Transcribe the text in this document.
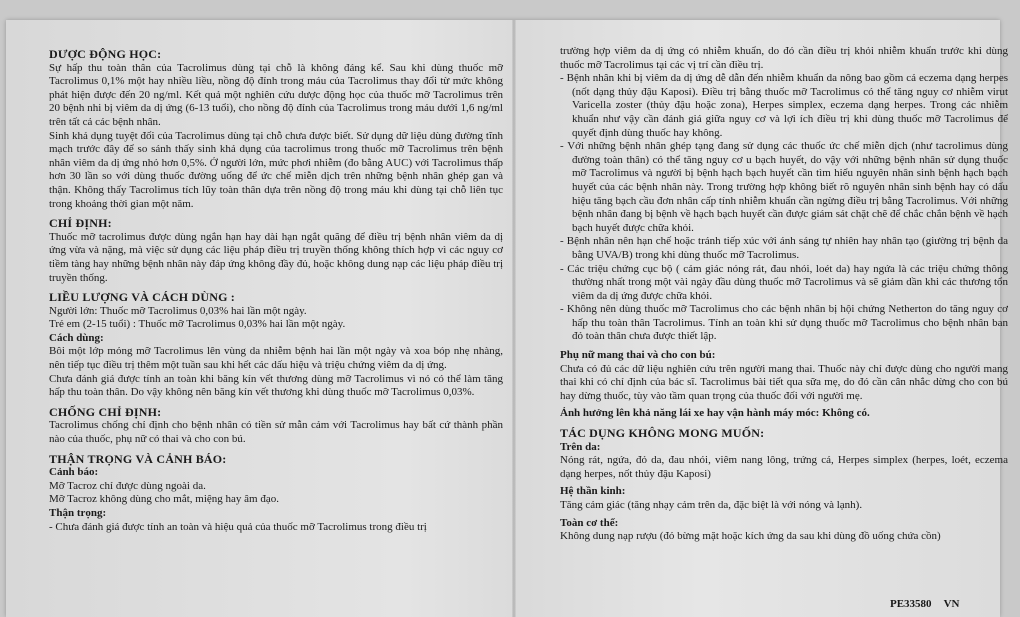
DƯỢC ĐỘNG HỌC:

Sự hấp thu toàn thân của Tacrolimus dùng tại chỗ là không đáng kể. Sau khi dùng thuốc mỡ Tacrolimus 0,1% một hay nhiều liều, nồng độ đỉnh trong máu của Tacrolimus thay đổi từ mức không phát hiện được đến 20 ng/ml. Kết quả một nghiên cứu dược động học của thuốc mỡ Tacrolimus trên 20 bệnh nhi bị viêm da dị ứng (6-13 tuổi), cho nồng độ đỉnh của Tacrolimus trong máu dưới 1,6 ng/ml trên tất cả các bệnh nhân.

Sinh khả dụng tuyệt đối của Tacrolimus dùng tại chỗ chưa được biết. Sử dụng dữ liệu dùng đường tĩnh mạch trước đây để so sánh thấy sinh khả dụng của tacrolimus trong thuốc mỡ Tacrolimus trên bệnh nhân viêm da dị ứng nhỏ hơn 0,5%. Ở người lớn, mức phơi nhiễm (đo bằng AUC) với Tacrolimus thấp hơn 30 lần so với dùng thuốc đường uống để ức chế miễn dịch trên những bệnh nhân ghép gan và thận. Không thấy Tacrolimus tích lũy toàn thân dựa trên nồng độ trong máu khi dùng tại chỗ liên tục trong khoảng thời gian một năm.

CHỈ ĐỊNH:

Thuốc mỡ tacrolimus được dùng ngắn hạn hay dài hạn ngắt quãng để điều trị bệnh nhân viêm da dị ứng vừa và nặng, mà việc sử dụng các liệu pháp điều trị truyền thống không thích hợp vì các nguy cơ tiềm tàng hay những bệnh nhân này đáp ứng không đầy đủ, hoặc không dung nạp các liệu pháp điều trị truyền thống.

LIỀU LƯỢNG VÀ CÁCH DÙNG :

Người lớn: Thuốc mỡ Tacrolimus 0,03% hai lần một ngày.

Trẻ em (2-15 tuổi) : Thuốc mỡ Tacrolimus 0,03% hai lần một ngày.

Cách dùng:

Bôi một lớp mỏng mỡ Tacrolimus lên vùng da nhiễm bệnh hai lần một ngày và xoa bóp nhẹ nhàng, nên tiếp tục điều trị thêm một tuần sau khi hết các dấu hiệu và triệu chứng viêm da dị ứng.

Chưa đánh giá được tính an toàn khi băng kín vết thương dùng mỡ Tacrolimus vì nó có thể làm tăng hấp thu toàn thân. Do vậy không nên băng kín vết thương khi dùng thuốc mỡ Tacrolimus 0,03%.

CHỐNG CHỈ ĐỊNH:

Tacrolimus chống chỉ định cho bệnh nhân có tiền sử mẫn cảm với Tacrolimus hay bất cứ thành phần nào của thuốc, phụ nữ có thai và cho con bú.

THẬN TRỌNG VÀ CẢNH BÁO:

Cảnh báo:

Mỡ Tacroz chỉ được dùng ngoài da.

Mỡ Tacroz không dùng cho mắt, miệng hay âm đạo.

Thận trọng:

- Chưa đánh giá được tính an toàn và hiệu quả của thuốc mỡ Tacrolimus trong điều trị

trường hợp viêm da dị ứng có nhiễm khuẩn, do đó cần điều trị khỏi nhiễm khuẩn trước khi dùng thuốc mỡ Tacrolimus tại các vị trí cần điều trị.

- Bệnh nhân khi bị viêm da dị ứng dễ dẫn đến nhiễm khuẩn da nông bao gồm cả eczema dạng herpes (nốt dạng thủy đậu Kaposi). Điều trị bằng thuốc mỡ Tacrolimus có thể tăng nguy cơ nhiễm virut Varicella zoster (thủy đậu hoặc zona), Herpes simplex, eczema dạng herpes. Trong các nhiễm khuẩn như vậy cần đánh giá giữa nguy cơ và lợi ích điều trị khi dùng thuốc mỡ Tacrolimus để quyết định dùng thuốc hay không.

- Với những bệnh nhân ghép tạng đang sử dụng các thuốc ức chế miễn dịch (như tacrolimus dùng đường toàn thân) có thể tăng nguy cơ u bạch huyết, do vậy với những bệnh nhân sử dụng thuốc mỡ Tacrolimus và người bị bệnh hạch bạch huyết cần tìm hiểu nguyên nhân sinh bệnh hạch bạch huyết của các bệnh nhân này. Trong trường hợp không biết rõ nguyên nhân sinh bệnh hay có dấu hiệu tăng bạch cầu đơn nhân cấp tính nhiễm khuẩn cần ngừng điều trị bằng Tacrolimus. Với những bệnh nhân đang bị bệnh về hạch bạch huyết cần được giám sát chặt chẽ để chắc chắn bệnh về hạch bạch huyết được chữa khỏi.

- Bệnh nhân nên hạn chế hoặc tránh tiếp xúc với ánh sáng tự nhiên hay nhân tạo (giường trị bệnh da bằng UVA/B) trong khi dùng thuốc mỡ Tacrolimus.

- Các triệu chứng cục bộ ( cảm giác nóng rát, đau nhói, loét da) hay ngứa là các triệu chứng thông thường nhất trong một vài ngày đầu dùng thuốc mỡ Tacrolimus và sẽ giảm dần khi các thương tổn viêm da dị ứng được chữa khỏi.

- Không nên dùng thuốc mỡ Tacrolimus cho các bệnh nhân bị hội chứng Netherton do tăng nguy cơ hấp thu toàn thân Tacrolimus. Tính an toàn khi sử dụng thuốc mỡ Tacrolimus cho bệnh nhân ban đỏ toàn thân chưa được thiết lập.

Phụ nữ mang thai và cho con bú:

Chưa có đủ các dữ liệu nghiên cứu trên người mang thai. Thuốc này chỉ được dùng cho người mang thai khi có chỉ định của bác sĩ. Tacrolimus bài tiết qua sữa mẹ, do đó cần cân nhắc dừng cho con bú hay dừng thuốc, tùy vào tầm quan trọng của thuốc đối với người mẹ.

Ảnh hưởng lên khả năng lái xe hay vận hành máy móc: Không có.

TÁC DỤNG KHÔNG MONG MUỐN:

Trên da:

Nóng rát, ngứa, đỏ da, đau nhói, viêm nang lông, trứng cá, Herpes simplex (herpes, loét, eczema dạng herpes, nốt thủy đậu Kaposi)

Hệ thần kinh:

Tăng cảm giác (tăng nhạy cảm trên da, đặc biệt là với nóng và lạnh).

Toàn cơ thể:

Không dung nạp rượu (đỏ bừng mặt hoặc kích ứng da sau khi dùng đồ uống chứa cồn)

PE33580 VN
